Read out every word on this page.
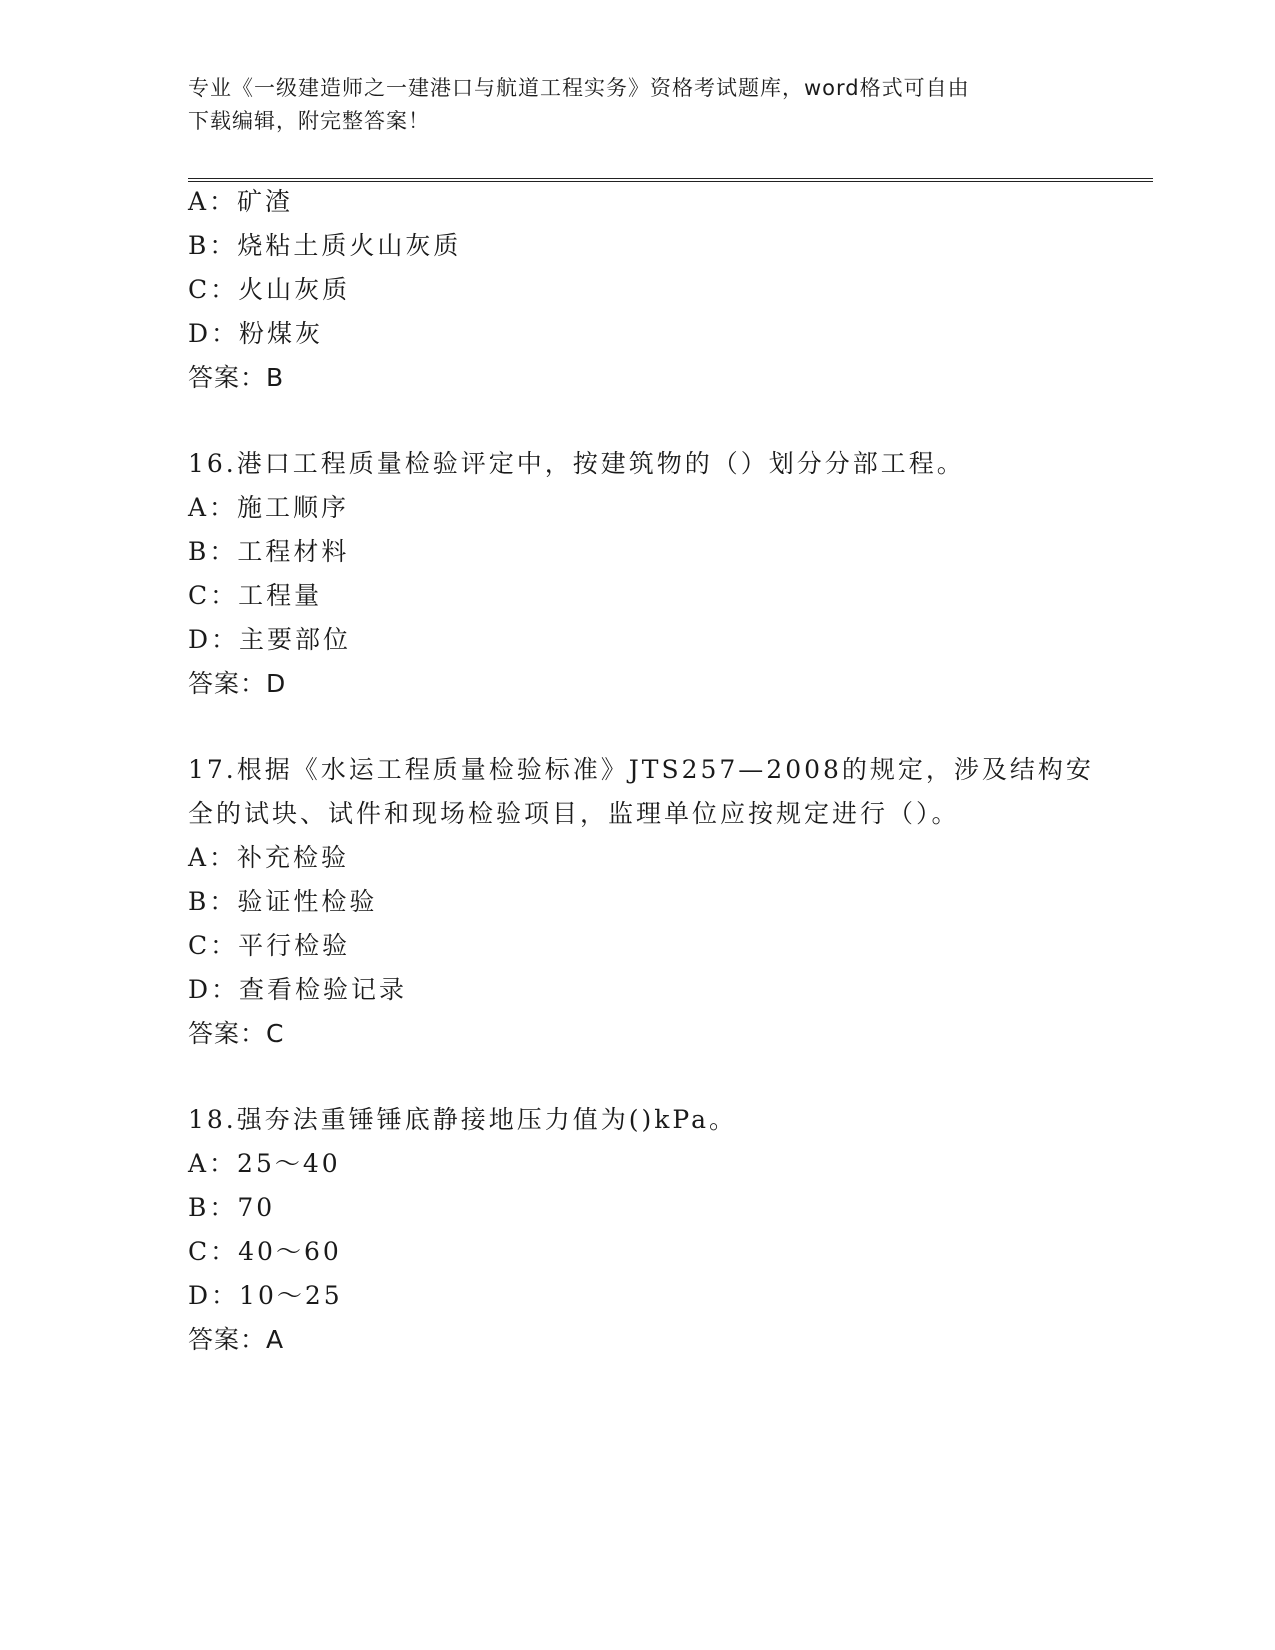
专业《一级建造师之一建港口与航道工程实务》资格考试题库，word格式可自由
下载编辑，附完整答案！
A：矿渣
B：烧粘土质火山灰质
C：火山灰质
D：粉煤灰
答案：B
16.港口工程质量检验评定中，按建筑物的（）划分分部工程。
A：施工顺序
B：工程材料
C：工程量
D：主要部位
答案：D
17.根据《水运工程质量检验标准》JTS257—2008的规定，涉及结构安
全的试块、试件和现场检验项目，监理单位应按规定进行（）。
A：补充检验
B：验证性检验
C：平行检验
D：查看检验记录
答案：C
18.强夯法重锤锤底静接地压力值为()kPa。
A：25～40
B：70
C：40～60
D：10～25
答案：A
